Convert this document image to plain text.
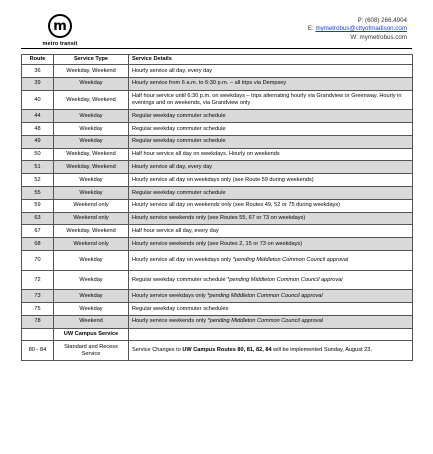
m
metro transit
P: (608) 266.4904
E: mymetrobus@cityofmadison.com
W: mymetrobus.com
Route	Service Type	Service Details
36	Weekday, Weekend	Hourly service all day, every day
39	Weekday	Hourly service from 6 a.m. to 6:30 p.m. – all trips via Dempsey
40	Weekday, Weekend	Half hour service until 6:30 p.m. on weekdays – trips alternating hourly via Grandview or Greenway. Hourly in evenings and on weekends, via Grandview only
44	Weekday	Regular weekday commuter schedule
48	Weekday	Regular weekday commuter schedule
49	Weekday	Regular weekday commuter schedule
50	Weekday, Weekend	Half hour service all day on weekdays. Hourly on weekends
51	Weekday, Weekend	Hourly service all day, every day
52	Weekday	Hourly service all day on weekdays only (see Route 59 during weekends)
55	Weekday	Regular weekday commuter schedule
59	Weekend only	Hourly service all day on weekends only (see Routes 49, 52 or 75 during weekdays)
63	Weekend only	Hourly service weekends only (see Routes 55, 67 or 73 on weekdays)
67	Weekday, Weekend	Half hour service all day, every day
68	Weekend only	Hourly service weekends only (see Routes 2, 15 or 73 on weekdays)
70	Weekday	Hourly service all day on weekdays only *pending Middleton Common Council approval
72	Weekday	Regular weekday commuter schedule *pending Middleton Common Council approval
73	Weekday	Hourly service weekdays only *pending Middleton Common Council approval
75	Weekday	Regular weekday commuter schedules
78	Weekend	Hourly service weekends only *pending Middleton Common Council approval
	UW Campus Service	
80 - 84	Standard and Recess Service	Service Changes to UW Campus Routes 80, 81, 82, 84 will be implemented Sunday, August 23.
